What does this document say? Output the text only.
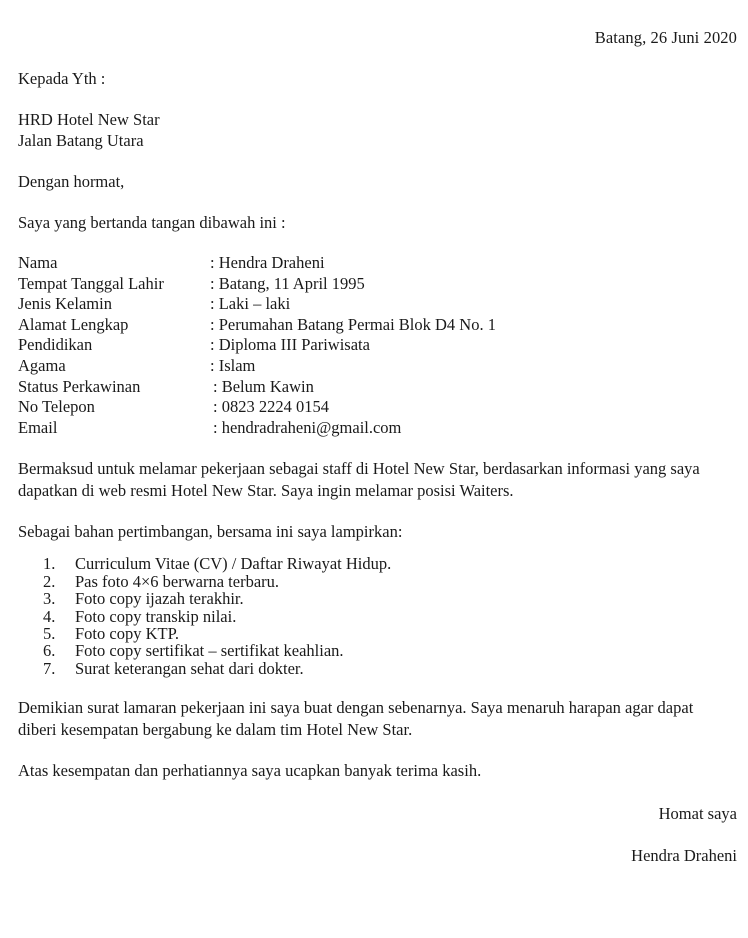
Batang, 26 Juni 2020
Kepada Yth :
HRD Hotel New Star
Jalan Batang Utara
Dengan hormat,
Saya yang bertanda tangan dibawah ini :
Nama	: Hendra Draheni
Tempat Tanggal Lahir	: Batang, 11 April 1995
Jenis Kelamin	: Laki – laki
Alamat Lengkap	: Perumahan Batang Permai Blok D4 No. 1
Pendidikan	: Diploma III Pariwisata
Agama	: Islam
Status Perkawinan	: Belum Kawin
No Telepon	: 0823 2224 0154
Email	: hendradraheni@gmail.com
Bermaksud untuk melamar pekerjaan sebagai staff di Hotel New Star, berdasarkan informasi yang saya dapatkan di web resmi Hotel New Star. Saya ingin melamar posisi Waiters.
Sebagai bahan pertimbangan, bersama ini saya lampirkan:
1. Curriculum Vitae (CV) / Daftar Riwayat Hidup.
2. Pas foto 4×6 berwarna terbaru.
3. Foto copy ijazah terakhir.
4. Foto copy transkip nilai.
5. Foto copy KTP.
6. Foto copy sertifikat – sertifikat keahlian.
7. Surat keterangan sehat dari dokter.
Demikian surat lamaran pekerjaan ini saya buat dengan sebenarnya. Saya menaruh harapan agar dapat diberi kesempatan bergabung ke dalam tim Hotel New Star.
Atas kesempatan dan perhatiannya saya ucapkan banyak terima kasih.
Homat saya
Hendra Draheni
